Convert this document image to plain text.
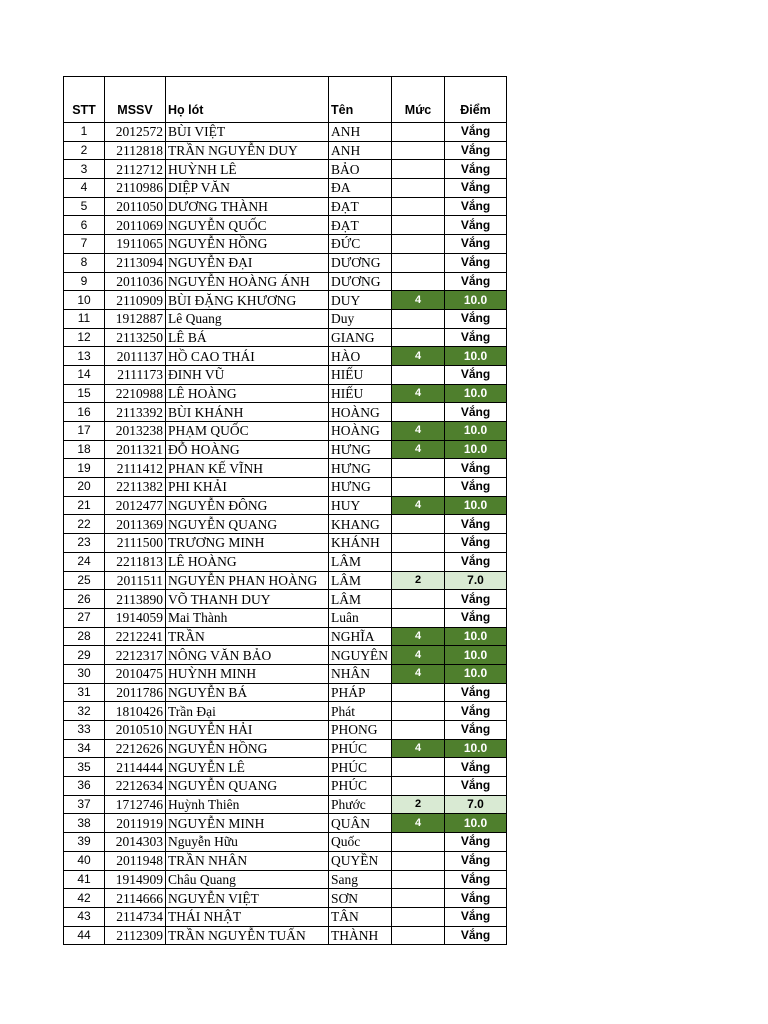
STT	MSSV	Họ lót	Tên	Mức	Điểm
1	2012572	BÙI VIỆT	ANH		Vắng
2	2112818	TRẦN NGUYỄN DUY	ANH		Vắng
3	2112712	HUỲNH LÊ	BẢO		Vắng
4	2110986	DIỆP VĂN	ĐA		Vắng
5	2011050	DƯƠNG THÀNH	ĐẠT		Vắng
6	2011069	NGUYỄN QUỐC	ĐẠT		Vắng
7	1911065	NGUYỄN HỒNG	ĐỨC		Vắng
8	2113094	NGUYỄN ĐẠI	DƯƠNG		Vắng
9	2011036	NGUYỄN HOÀNG ÁNH	DƯƠNG		Vắng
10	2110909	BÙI ĐẶNG KHƯƠNG	DUY	4	10.0
11	1912887	Lê Quang	Duy		Vắng
12	2113250	LÊ BÁ	GIANG		Vắng
13	2011137	HỒ CAO THÁI	HÀO	4	10.0
14	2111173	ĐINH VŨ	HIẾU		Vắng
15	2210988	LÊ HOÀNG	HIẾU	4	10.0
16	2113392	BÙI KHÁNH	HOÀNG		Vắng
17	2013238	PHẠM QUỐC	HOÀNG	4	10.0
18	2011321	ĐỖ HOÀNG	HƯNG	4	10.0
19	2111412	PHAN KẾ VĨNH	HƯNG		Vắng
20	2211382	PHI KHẢI	HƯNG		Vắng
21	2012477	NGUYỄN ĐÔNG	HUY	4	10.0
22	2011369	NGUYỄN QUANG	KHANG		Vắng
23	2111500	TRƯƠNG MINH	KHÁNH		Vắng
24	2211813	LÊ HOÀNG	LÂM		Vắng
25	2011511	NGUYỄN PHAN HOÀNG	LÂM	2	7.0
26	2113890	VÕ THANH DUY	LÂM		Vắng
27	1914059	Mai Thành	Luân		Vắng
28	2212241	TRẦN	NGHĨA	4	10.0
29	2212317	NÔNG VĂN BẢO	NGUYÊN	4	10.0
30	2010475	HUỲNH MINH	NHÂN	4	10.0
31	2011786	NGUYỄN BÁ	PHÁP		Vắng
32	1810426	Trần Đại	Phát		Vắng
33	2010510	NGUYỄN HẢI	PHONG		Vắng
34	2212626	NGUYỄN HỒNG	PHÚC	4	10.0
35	2114444	NGUYỄN LÊ	PHÚC		Vắng
36	2212634	NGUYỄN QUANG	PHÚC		Vắng
37	1712746	Huỳnh Thiên	Phước	2	7.0
38	2011919	NGUYỄN MINH	QUÂN	4	10.0
39	2014303	Nguyễn Hữu	Quốc		Vắng
40	2011948	TRẦN NHÂN	QUYỀN		Vắng
41	1914909	Châu Quang	Sang		Vắng
42	2114666	NGUYỄN VIỆT	SƠN		Vắng
43	2114734	THÁI NHẬT	TÂN		Vắng
44	2112309	TRẦN NGUYỄN TUẤN	THÀNH		Vắng
